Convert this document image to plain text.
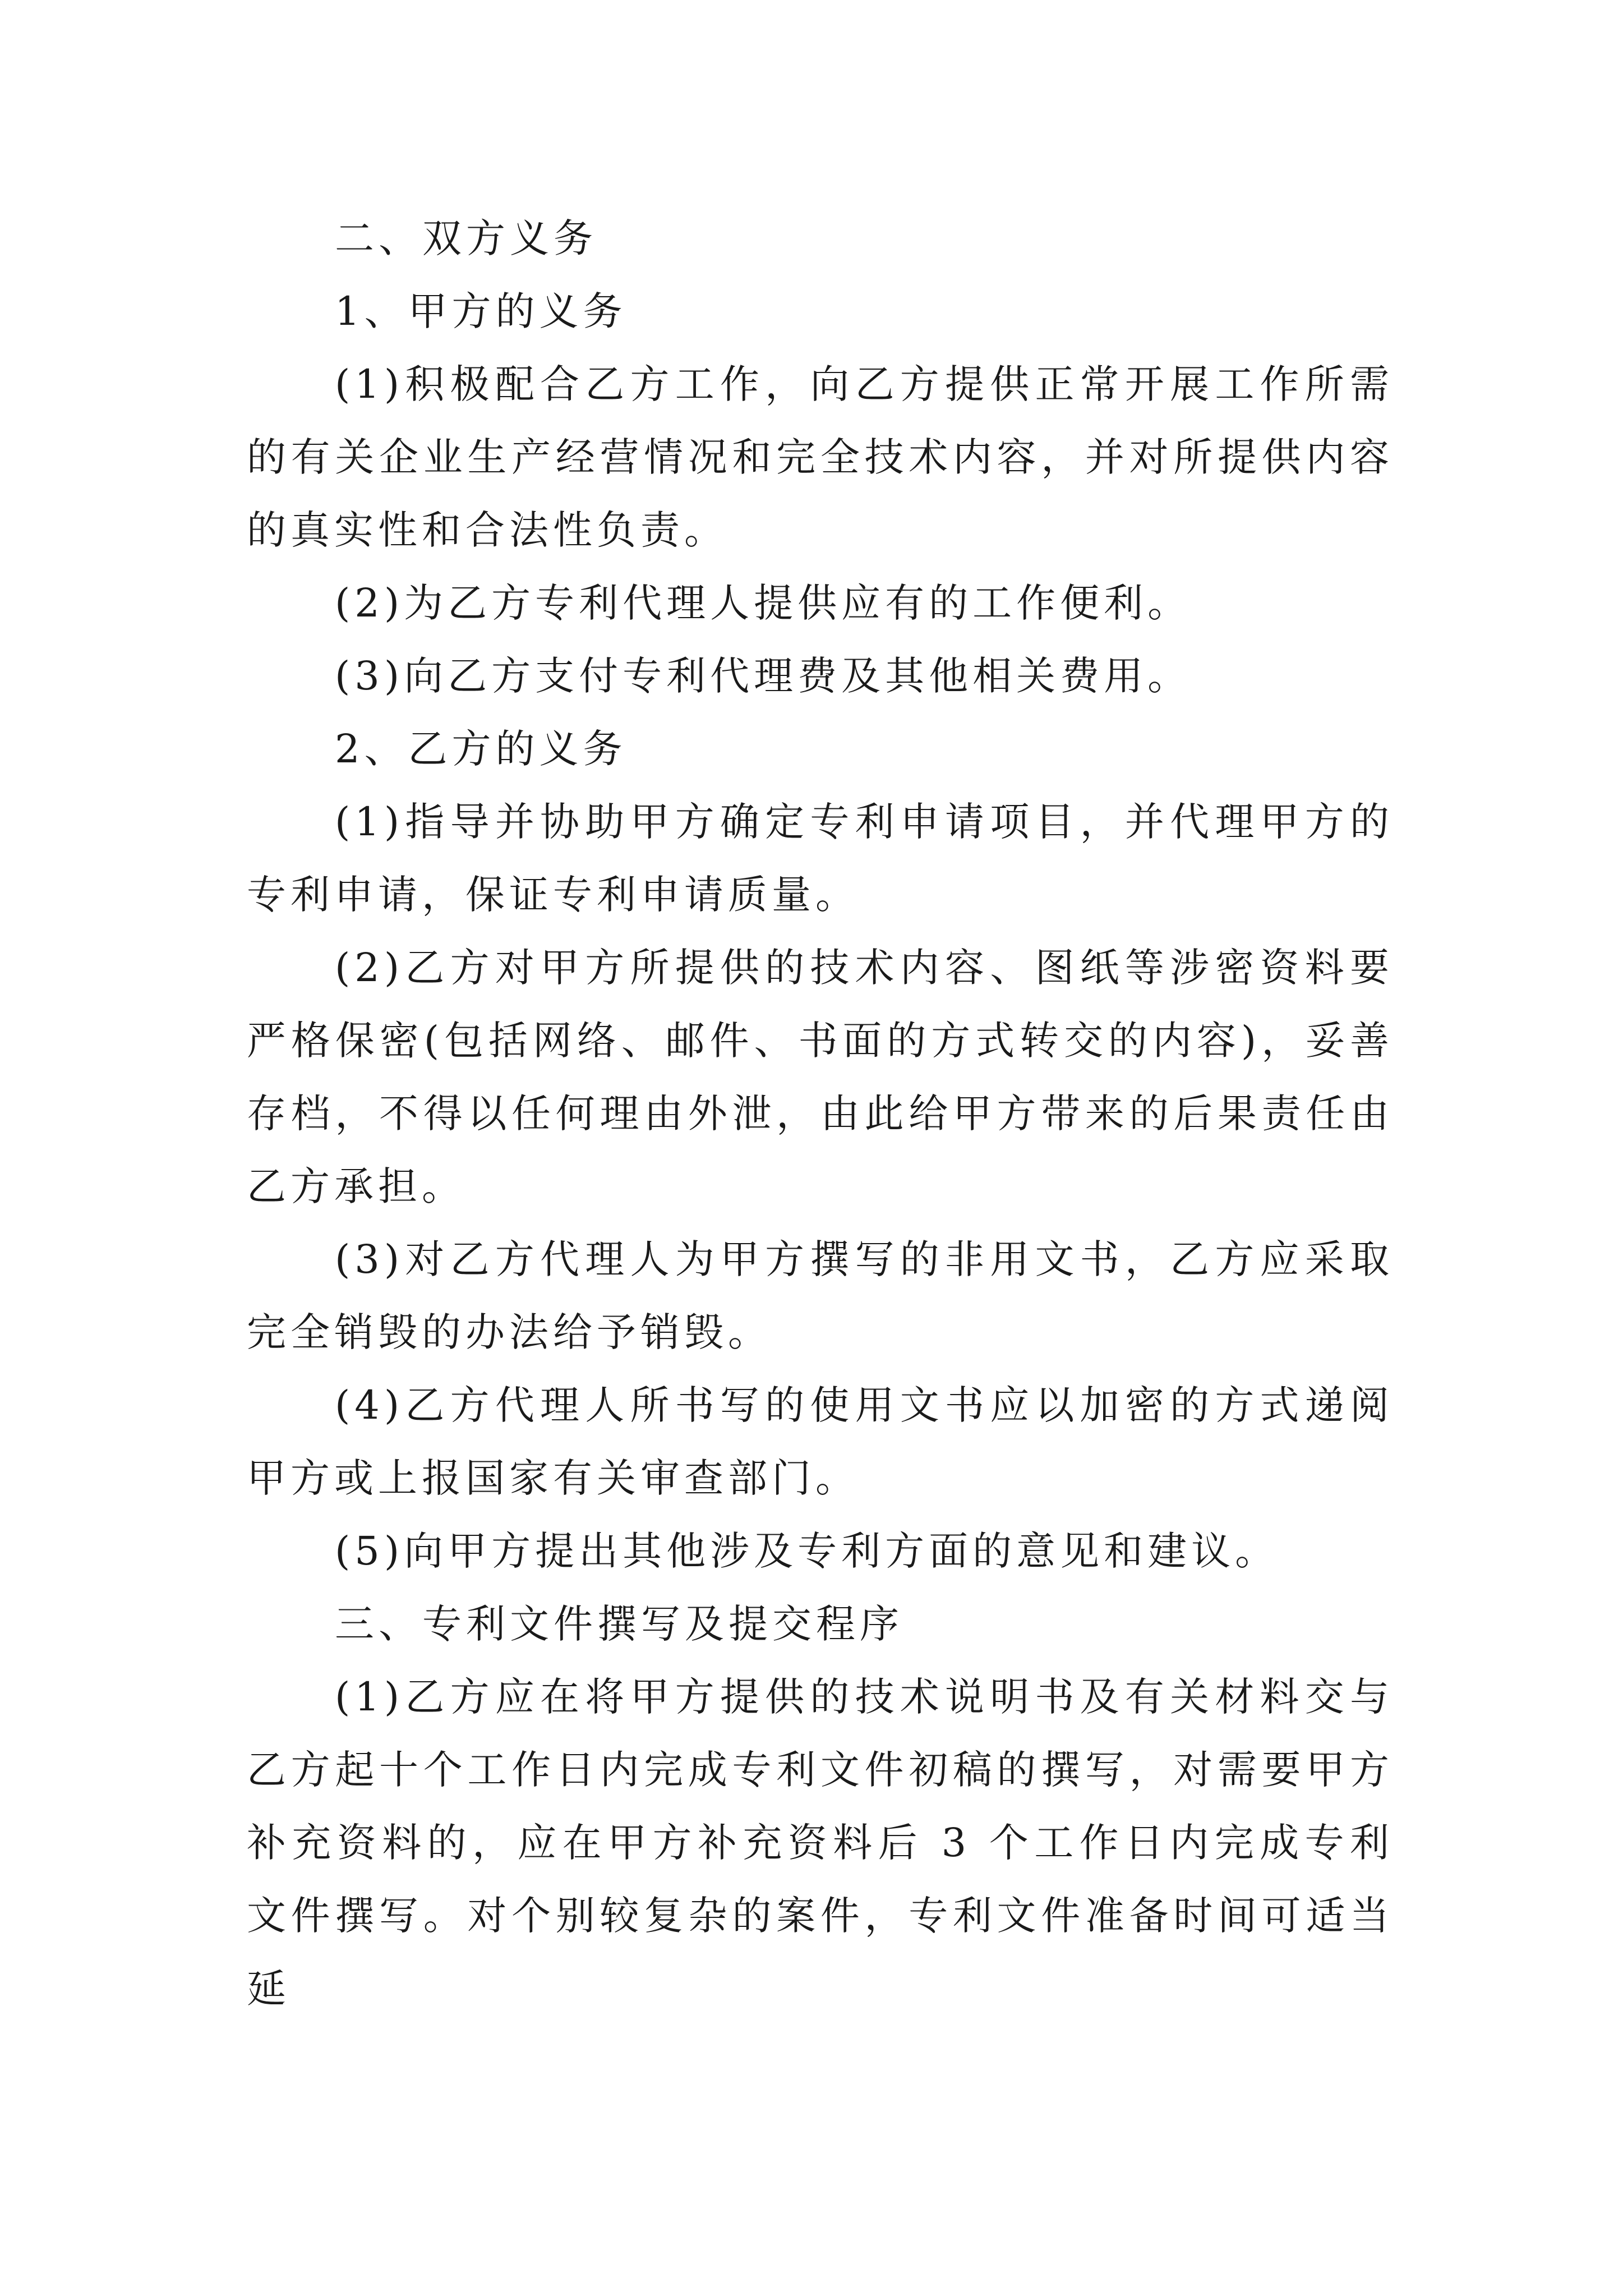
二、双方义务

1、甲方的义务

(1)积极配合乙方工作，向乙方提供正常开展工作所需的有关企业生产经营情况和完全技术内容，并对所提供内容的真实性和合法性负责。

(2)为乙方专利代理人提供应有的工作便利。

(3)向乙方支付专利代理费及其他相关费用。

2、乙方的义务

(1)指导并协助甲方确定专利申请项目，并代理甲方的专利申请，保证专利申请质量。

(2)乙方对甲方所提供的技术内容、图纸等涉密资料要严格保密(包括网络、邮件、书面的方式转交的内容)，妥善存档，不得以任何理由外泄，由此给甲方带来的后果责任由乙方承担。

(3)对乙方代理人为甲方撰写的非用文书，乙方应采取完全销毁的办法给予销毁。

(4)乙方代理人所书写的使用文书应以加密的方式递阅甲方或上报国家有关审查部门。

(5)向甲方提出其他涉及专利方面的意见和建议。

三、专利文件撰写及提交程序

(1)乙方应在将甲方提供的技术说明书及有关材料交与乙方起十个工作日内完成专利文件初稿的撰写，对需要甲方补充资料的，应在甲方补充资料后 3 个工作日内完成专利文件撰写。对个别较复杂的案件，专利文件准备时间可适当延
